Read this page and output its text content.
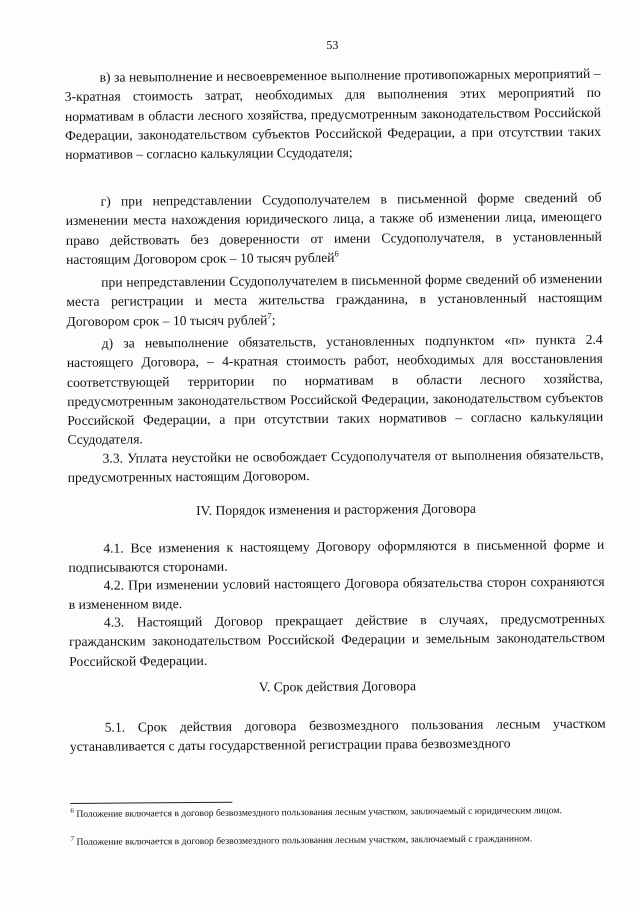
53

в) за невыполнение и несвоевременное выполнение противопожарных мероприятий – 3-кратная стоимость затрат, необходимых для выполнения этих мероприятий по нормативам в области лесного хозяйства, предусмотренным законодательством Российской Федерации, законодательством субъектов Российской Федерации, а при отсутствии таких нормативов – согласно калькуляции Ссудодателя;

г) при непредставлении Ссудополучателем в письменной форме сведений об изменении места нахождения юридического лица, а также об изменении лица, имеющего право действовать без доверенности от имени Ссудополучателя, в установленный настоящим Договором срок – 10 тысяч рублей$^6$

при непредставлении Ссудополучателем в письменной форме сведений об изменении места регистрации и места жительства гражданина, в установленный настоящим Договором срок – 10 тысяч рублей$^7$;

д) за невыполнение обязательств, установленных подпунктом «п» пункта 2.4 настоящего Договора, – 4-кратная стоимость работ, необходимых для восстановления соответствующей территории по нормативам в области лесного хозяйства, предусмотренным законодательством Российской Федерации, законодательством субъектов Российской Федерации, а при отсутствии таких нормативов – согласно калькуляции Ссудодателя.

3.3. Уплата неустойки не освобождает Ссудополучателя от выполнения обязательств, предусмотренных настоящим Договором.

IV. Порядок изменения и расторжения Договора

4.1. Все изменения к настоящему Договору оформляются в письменной форме и подписываются сторонами.

4.2. При изменении условий настоящего Договора обязательства сторон сохраняются в измененном виде.

4.3. Настоящий Договор прекращает действие в случаях, предусмотренных гражданским законодательством Российской Федерации и земельным законодательством Российской Федерации.

V. Срок действия Договора

5.1. Срок действия договора безвозмездного пользования лесным участком устанавливается с даты государственной регистрации права безвозмездного

$^6$ Положение включается в договор безвозмездного пользования лесным участком, заключаемый с юридическим лицом.
$^7$ Положение включается в договор безвозмездного пользования лесным участком, заключаемый с гражданином.
